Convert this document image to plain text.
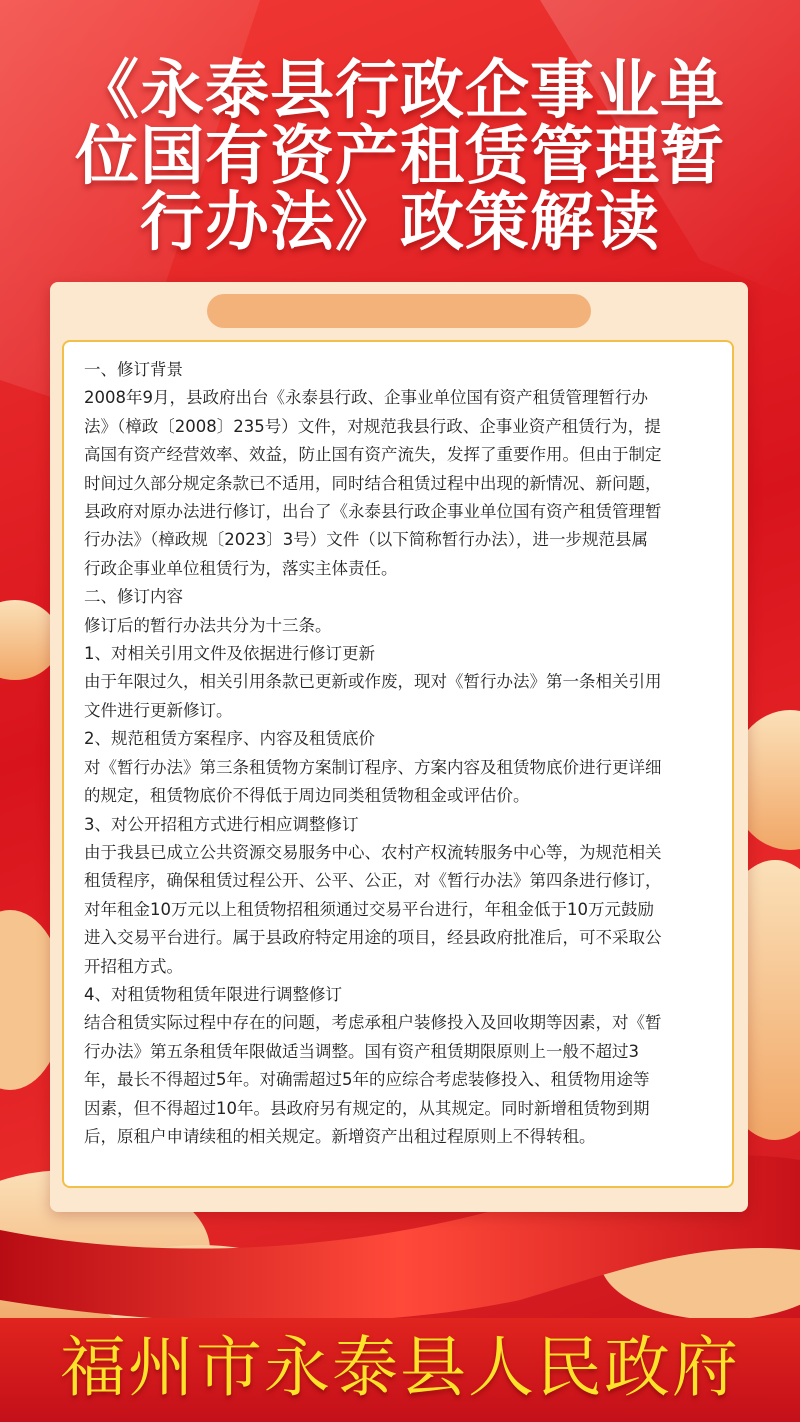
《永泰县行政企事业单
位国有资产租赁管理暂
行办法》政策解读

一、修订背景

2008年9月，县政府出台《永泰县行政、企事业单位国有资产租赁管理暂行办

法》（樟政〔2008〕235号）文件，对规范我县行政、企事业资产租赁行为，提

高国有资产经营效率、效益，防止国有资产流失，发挥了重要作用。但由于制定

时间过久部分规定条款已不适用，同时结合租赁过程中出现的新情况、新问题，

县政府对原办法进行修订，出台了《永泰县行政企事业单位国有资产租赁管理暂

行办法》（樟政规〔2023〕3号）文件（以下简称暂行办法），进一步规范县属

行政企事业单位租赁行为，落实主体责任。

二、修订内容

修订后的暂行办法共分为十三条。

1、对相关引用文件及依据进行修订更新

由于年限过久，相关引用条款已更新或作废，现对《暂行办法》第一条相关引用

文件进行更新修订。

2、规范租赁方案程序、内容及租赁底价

对《暂行办法》第三条租赁物方案制订程序、方案内容及租赁物底价进行更详细

的规定，租赁物底价不得低于周边同类租赁物租金或评估价。

3、对公开招租方式进行相应调整修订

由于我县已成立公共资源交易服务中心、农村产权流转服务中心等，为规范相关

租赁程序，确保租赁过程公开、公平、公正，对《暂行办法》第四条进行修订，

对年租金10万元以上租赁物招租须通过交易平台进行，年租金低于10万元鼓励

进入交易平台进行。属于县政府特定用途的项目，经县政府批准后，可不采取公

开招租方式。

4、对租赁物租赁年限进行调整修订

结合租赁实际过程中存在的问题，考虑承租户装修投入及回收期等因素，对《暂

行办法》第五条租赁年限做适当调整。国有资产租赁期限原则上一般不超过3

年，最长不得超过5年。对确需超过5年的应综合考虑装修投入、租赁物用途等

因素，但不得超过10年。县政府另有规定的，从其规定。同时新增租赁物到期

后，原租户申请续租的相关规定。新增资产出租过程原则上不得转租。

福州市永泰县人民政府
